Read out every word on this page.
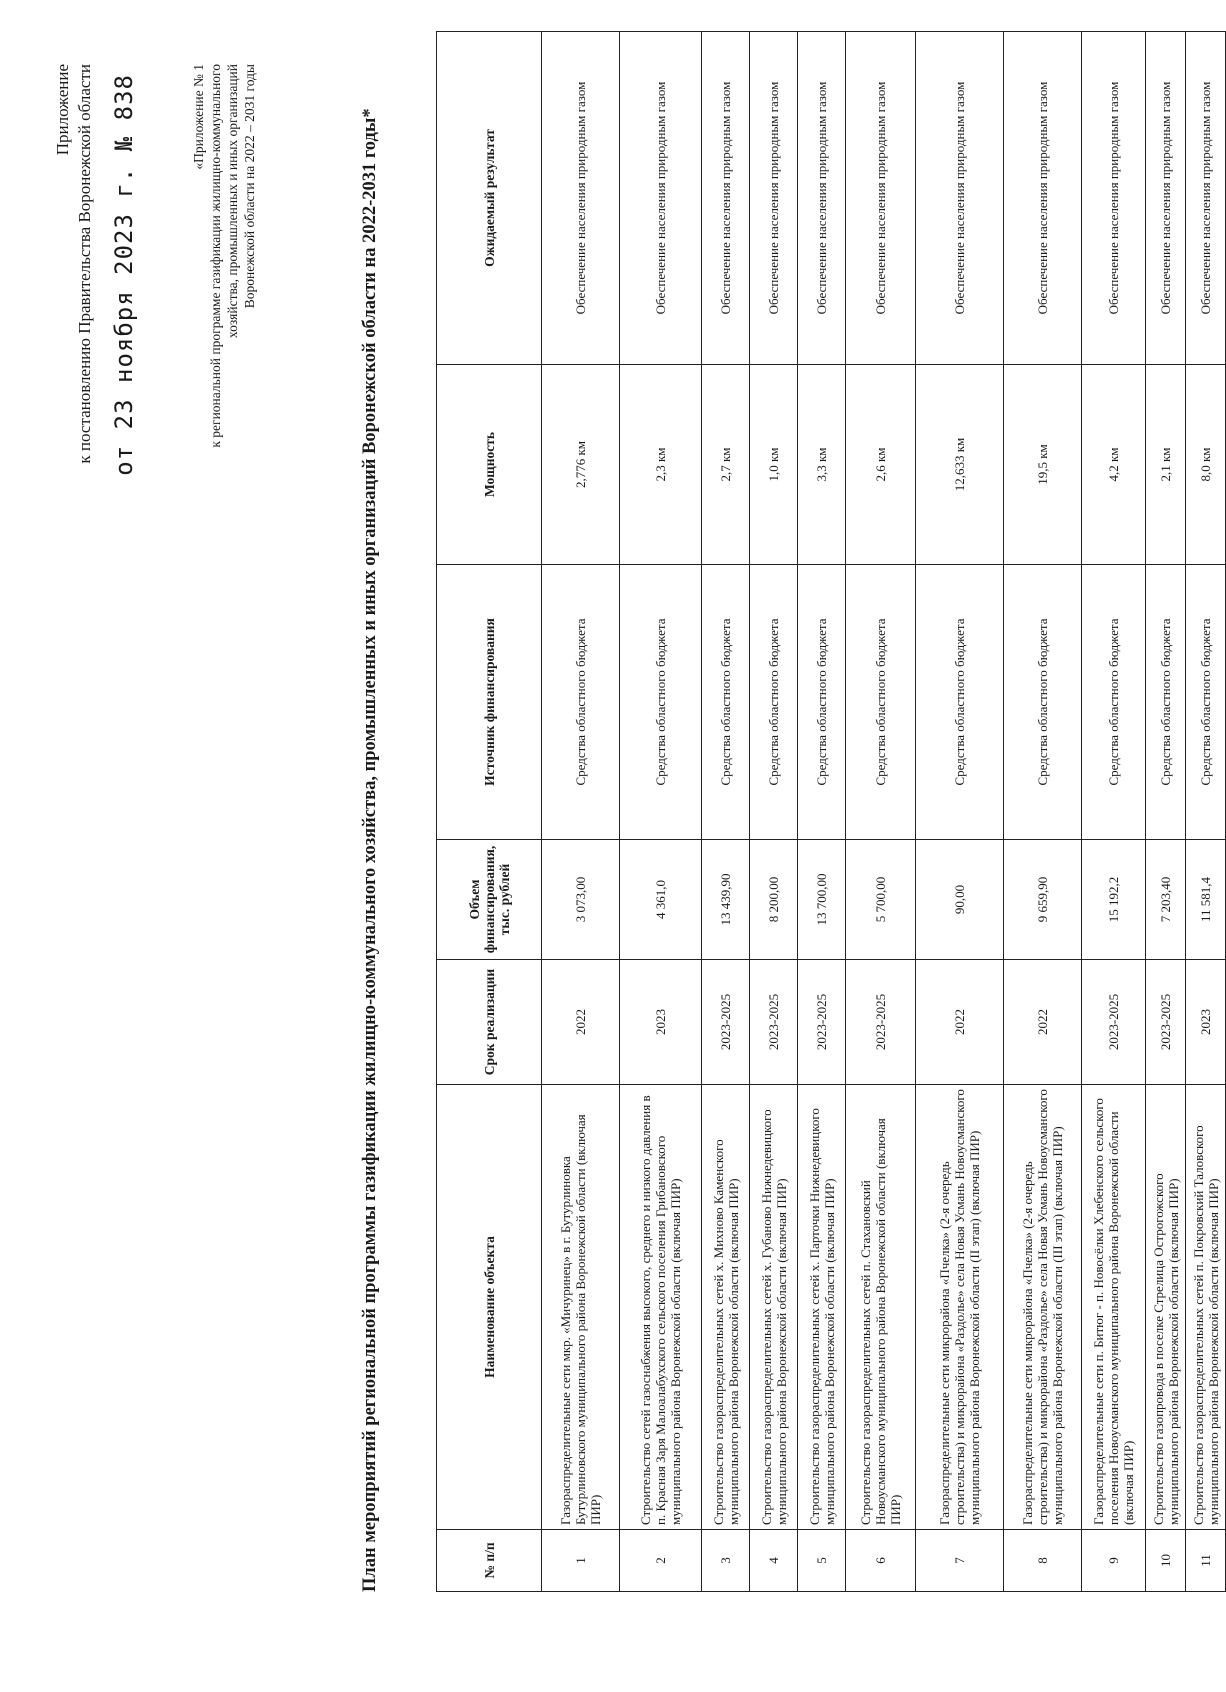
Приложение к постановлению Правительства Воронежской области от 23 ноября 2023 г. № 838	«Приложение № 1 к региональной программе газификации жилищно-коммунального хозяйства, промышленных и иных организаций Воронежской области на 2022 – 2031 годы	План мероприятий региональной программы газификации жилищно-коммунального хозяйства, промышленных и иных организаций Воронежской области на 2022-2031 годы*	№ п/п	Наименование объекта	Срок реализации	Объем финансирования, тыс. рублей	Источник финансирования	Мощность	Ожидаемый результат
1	Газораспределительные сети мкр. «Мичуринец» в г. Бутурлиновка Бутурлиновского муниципального района Воронежской области (включая ПИР)	2022	3 073,00	Средства областного бюджета	2,776 км	Обеспечение населения природным газом
2	Строительство сетей газоснабжения высокого, среднего и низкого давления в п. Красная Заря Малоалабухского сельского поселения Грибановского муниципального района Воронежской области (включая ПИР)	2023	4 361,0	Средства областного бюджета	2,3 км	Обеспечение населения природным газом
3	Строительство газораспределительных сетей х. Михново Каменского муниципального района Воронежской области (включая ПИР)	2023-2025	13 439,90	Средства областного бюджета	2,7 км	Обеспечение населения природным газом
4	Строительство газораспределительных сетей х. Губаново Нижнедевицкого муниципального района Воронежской области (включая ПИР)	2023-2025	8 200,00	Средства областного бюджета	1,0 км	Обеспечение населения природным газом
5	Строительство газораспределительных сетей х. Парточки Нижнедевицкого муниципального района Воронежской области (включая ПИР)	2023-2025	13 700,00	Средства областного бюджета	3,3 км	Обеспечение населения природным газом
6	Строительство газораспределительных сетей п. Стахановский Новоусманского муниципального района Воронежской области (включая ПИР)	2023-2025	5 700,00	Средства областного бюджета	2,6 км	Обеспечение населения природным газом
7	Газораспределительные сети микрорайона «Пчелка» (2-я очередь строительства) и микрорайона «Раздолье» села Новая Усмань Новоусманского муниципального района Воронежской области (II этап) (включая ПИР)	2022	90,00	Средства областного бюджета	12,633 км	Обеспечение населения природным газом
8	Газораспределительные сети микрорайона «Пчелка» (2-я очередь строительства) и микрорайона «Раздолье» села Новая Усмань Новоусманского муниципального района Воронежской области (III этап) (включая ПИР)	2022	9 659,90	Средства областного бюджета	19,5 км	Обеспечение населения природным газом
9	Газораспределительные сети п. Битюг - п. Новосёлки Хлебенского сельского поселения Новоусманского муниципального района Воронежской области (включая ПИР)	2023-2025	15 192,2	Средства областного бюджета	4,2 км	Обеспечение населения природным газом
10	Строительство газопровода в поселке Стрелица Острогожского муниципального района Воронежской области (включая ПИР)	2023-2025	7 203,40	Средства областного бюджета	2,1 км	Обеспечение населения природным газом
11	Строительство газораспределительных сетей п. Покровский Таловского муниципального района Воронежской области (включая ПИР)	2023	11 581,4	Средства областного бюджета	8,0 км	Обеспечение населения природным газом
